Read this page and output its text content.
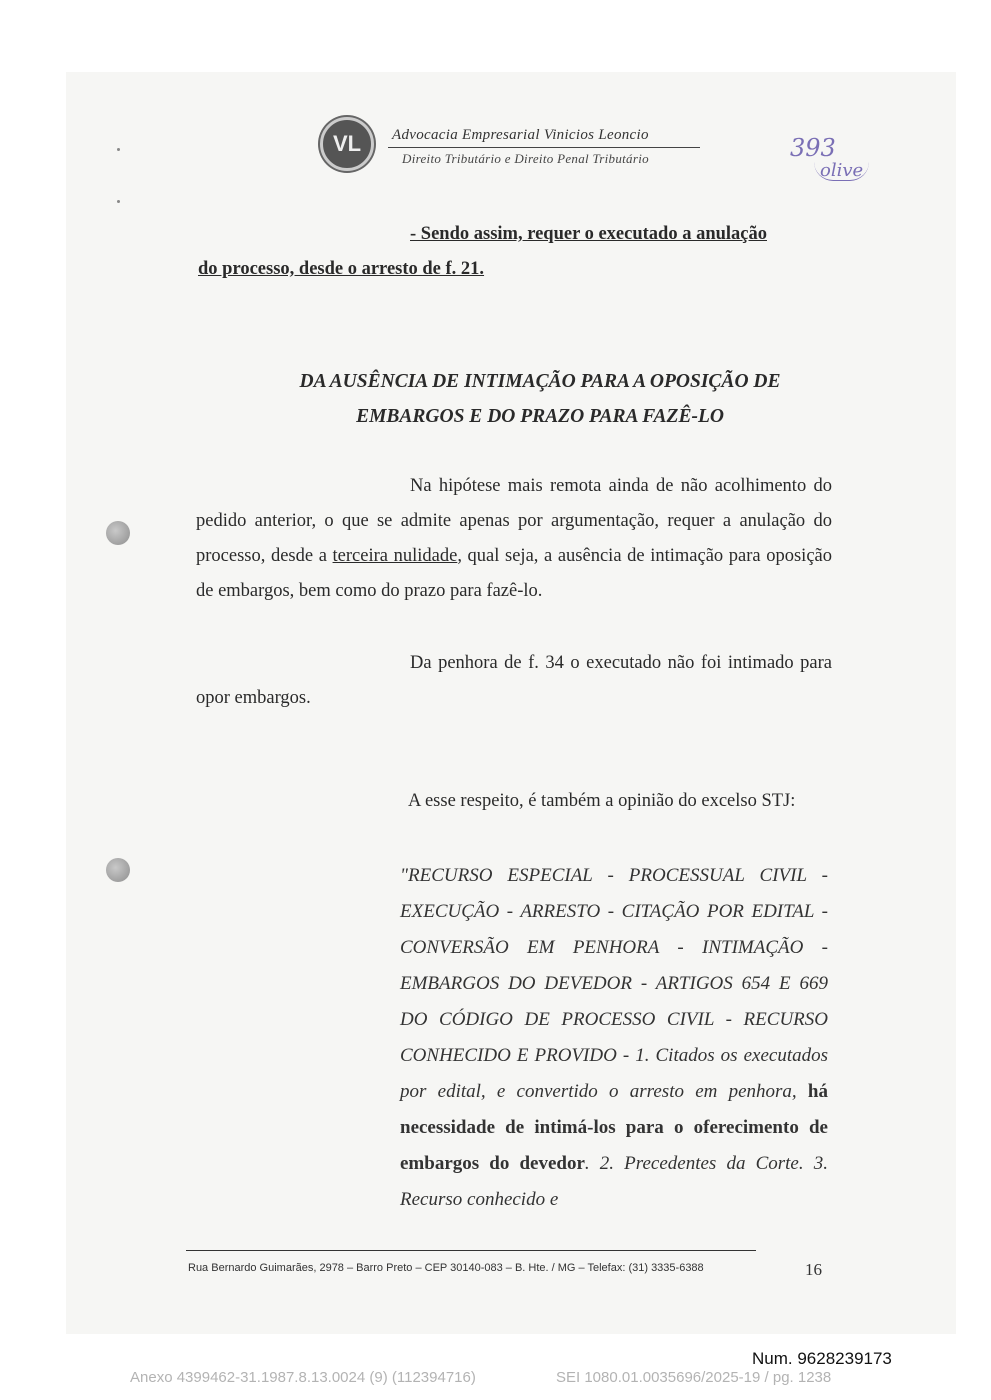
VL Advocacia Empresarial Vinicios Leoncio
Direito Tributário e Direito Penal Tributário	393
olive
- Sendo assim, requer o executado a anulação
do processo, desde o arresto de f. 21.
DA AUSÊNCIA DE INTIMAÇÃO PARA A OPOSIÇÃO DE
EMBARGOS E DO PRAZO PARA FAZÊ-LO
Na hipótese mais remota ainda de não acolhimento do pedido anterior, o que se admite apenas por argumentação, requer a anulação do processo, desde a terceira nulidade, qual seja, a ausência de intimação para oposição de embargos, bem como do prazo para fazê-lo.
Da penhora de f. 34 o executado não foi intimado para opor embargos.
A esse respeito, é também a opinião do excelso STJ:
"RECURSO ESPECIAL - PROCESSUAL CIVIL - EXECUÇÃO - ARRESTO - CITAÇÃO POR EDITAL - CONVERSÃO EM PENHORA - INTIMAÇÃO - EMBARGOS DO DEVEDOR - ARTIGOS 654 E 669 DO CÓDIGO DE PROCESSO CIVIL - RECURSO CONHECIDO E PROVIDO - 1. Citados os executados por edital, e convertido o arresto em penhora, há necessidade de intimá-los para o oferecimento de embargos do devedor. 2. Precedentes da Corte. 3. Recurso conhecido e
Rua Bernardo Guimarães, 2978 – Barro Preto – CEP 30140-083 – B. Hte. / MG – Telefax: (31) 3335-6388	16
Num. 9628239173
Anexo 4399462-31.1987.8.13.0024 (9) (112394716)	SEI 1080.01.0035696/2025-19 / pg. 1238
